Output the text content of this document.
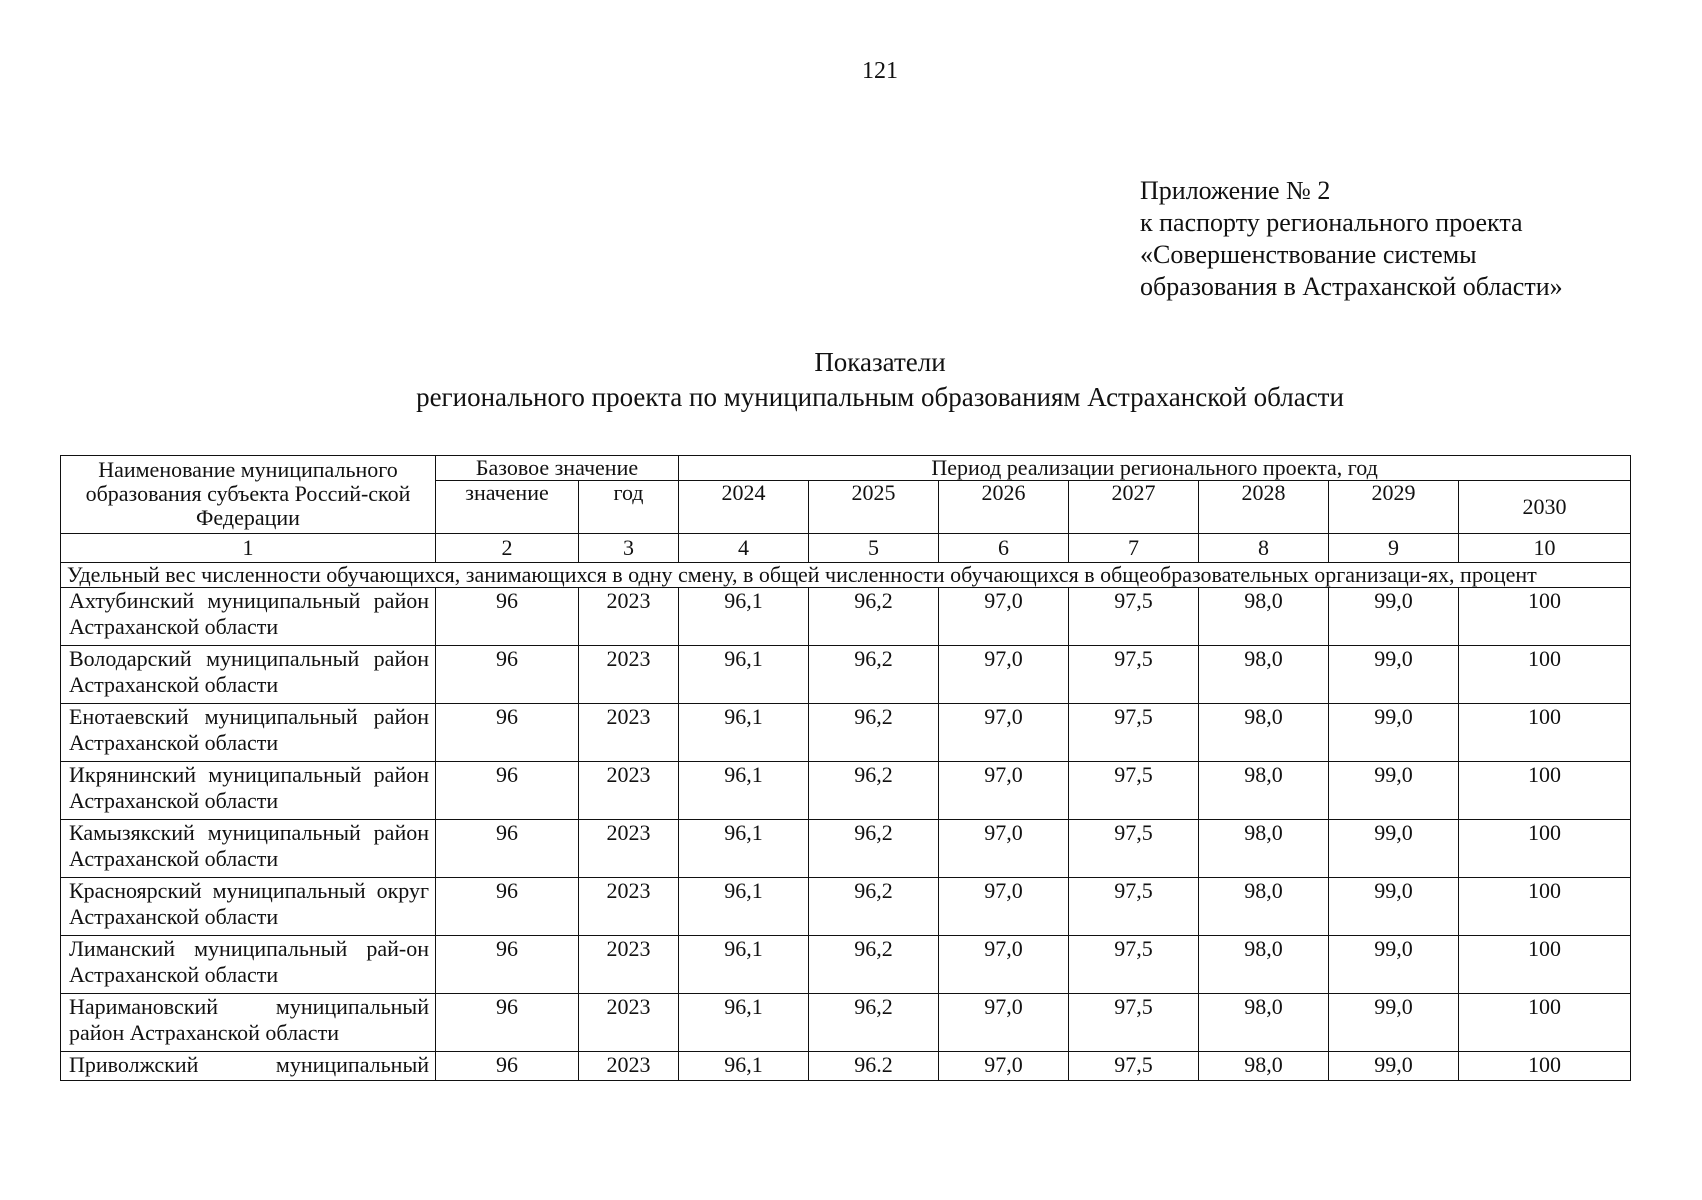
121
Приложение № 2
к паспорту регионального проекта
«Совершенствование системы
образования в Астраханской области»
Показатели
регионального проекта по муниципальным образованиям Астраханской области
Наименование муниципального образования субъекта Россий-ской Федерации	Базовое значение		Период реализации регионального проекта, год						
	значение	год	2024	2025	2026	2027	2028	2029	2030
1	2	3	4	5	6	7	8	9	10
Удельный вес численности обучающихся, занимающихся в одну смену, в общей численности обучающихся в общеобразовательных организаци-ях, процент									
Ахтубинский муниципальный район Астраханской области	96	2023	96,1	96,2	97,0	97,5	98,0	99,0	100
Володарский муниципальный район Астраханской области	96	2023	96,1	96,2	97,0	97,5	98,0	99,0	100
Енотаевский муниципальный район Астраханской области	96	2023	96,1	96,2	97,0	97,5	98,0	99,0	100
Икрянинский муниципальный район Астраханской области	96	2023	96,1	96,2	97,0	97,5	98,0	99,0	100
Камызякский муниципальный район Астраханской области	96	2023	96,1	96,2	97,0	97,5	98,0	99,0	100
Красноярский муниципальный округ Астраханской области	96	2023	96,1	96,2	97,0	97,5	98,0	99,0	100
Лиманский муниципальный рай-он Астраханской области	96	2023	96,1	96,2	97,0	97,5	98,0	99,0	100
Наримановский муниципальный район Астраханской области	96	2023	96,1	96,2	97,0	97,5	98,0	99,0	100
Приволжский муниципальный	96	2023	96,1	96.2	97,0	97,5	98,0	99,0	100
